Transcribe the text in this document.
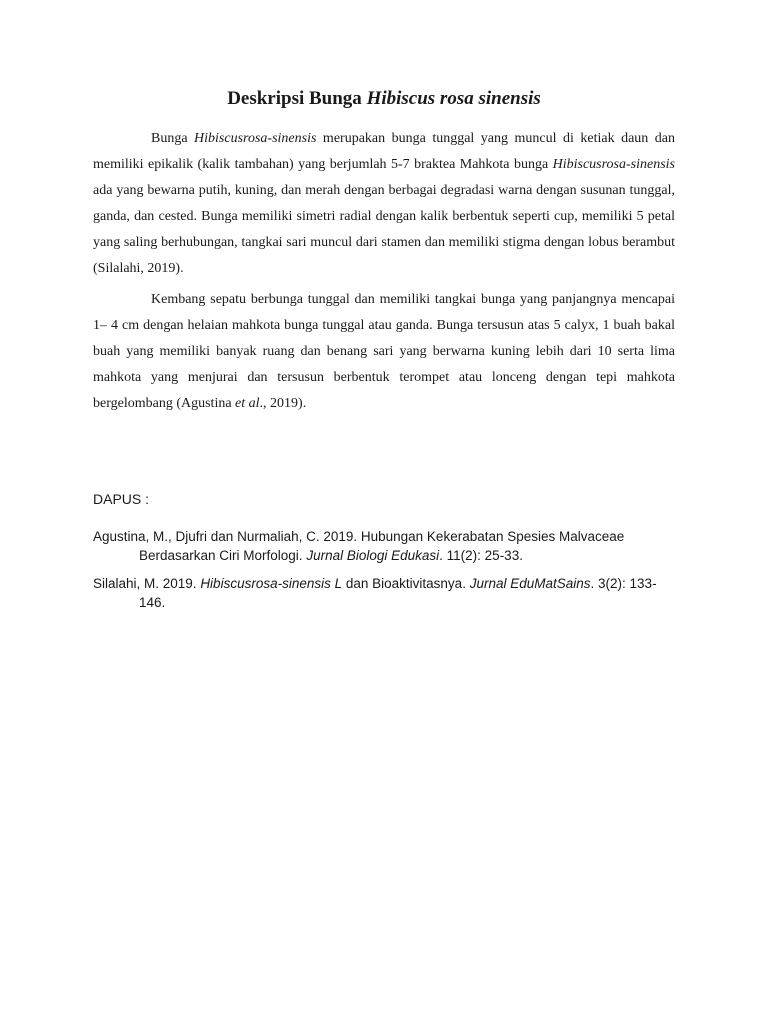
Deskripsi Bunga Hibiscus rosa sinensis

Bunga Hibiscusrosa-sinensis merupakan bunga tunggal yang muncul di ketiak daun dan memiliki epikalik (kalik tambahan) yang berjumlah 5-7 braktea Mahkota bunga Hibiscusrosa-sinensis ada yang bewarna putih, kuning, dan merah dengan berbagai degradasi warna dengan susunan tunggal, ganda, dan cested. Bunga memiliki simetri radial dengan kalik berbentuk seperti cup, memiliki 5 petal yang saling berhubungan, tangkai sari muncul dari stamen dan memiliki stigma dengan lobus berambut (Silalahi, 2019).

Kembang sepatu berbunga tunggal dan memiliki tangkai bunga yang panjangnya mencapai 1– 4 cm dengan helaian mahkota bunga tunggal atau ganda. Bunga tersusun atas 5 calyx, 1 buah bakal buah yang memiliki banyak ruang dan benang sari yang berwarna kuning lebih dari 10 serta lima mahkota yang menjurai dan tersusun berbentuk terompet atau lonceng dengan tepi mahkota bergelombang (Agustina et al., 2019).

DAPUS :

Agustina, M., Djufri dan Nurmaliah, C. 2019. Hubungan Kekerabatan Spesies Malvaceae Berdasarkan Ciri Morfologi. Jurnal Biologi Edukasi. 11(2): 25-33.

Silalahi, M. 2019. Hibiscusrosa-sinensis L dan Bioaktivitasnya. Jurnal EduMatSains. 3(2): 133-146.
